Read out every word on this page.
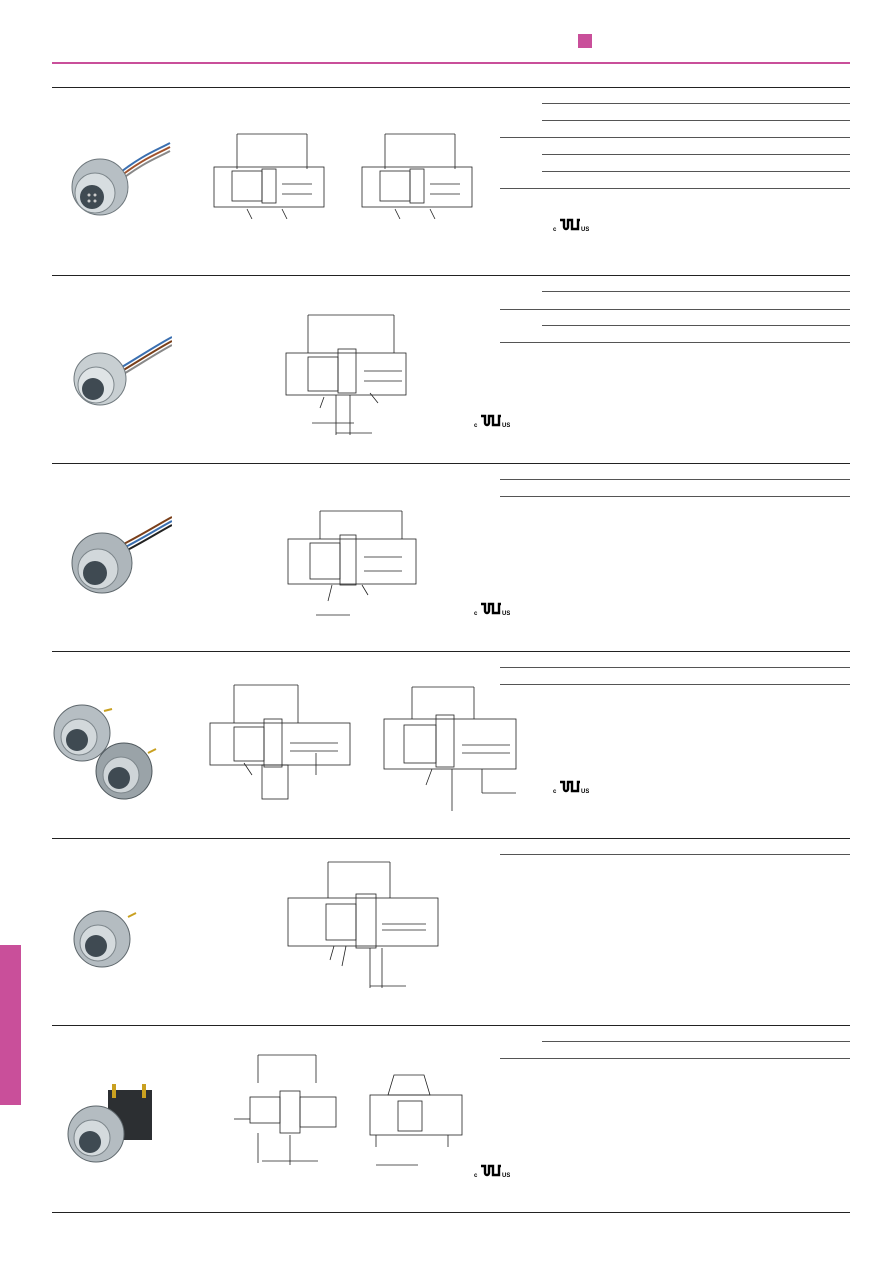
c	US
c	US
c	US
c	US
c	US
